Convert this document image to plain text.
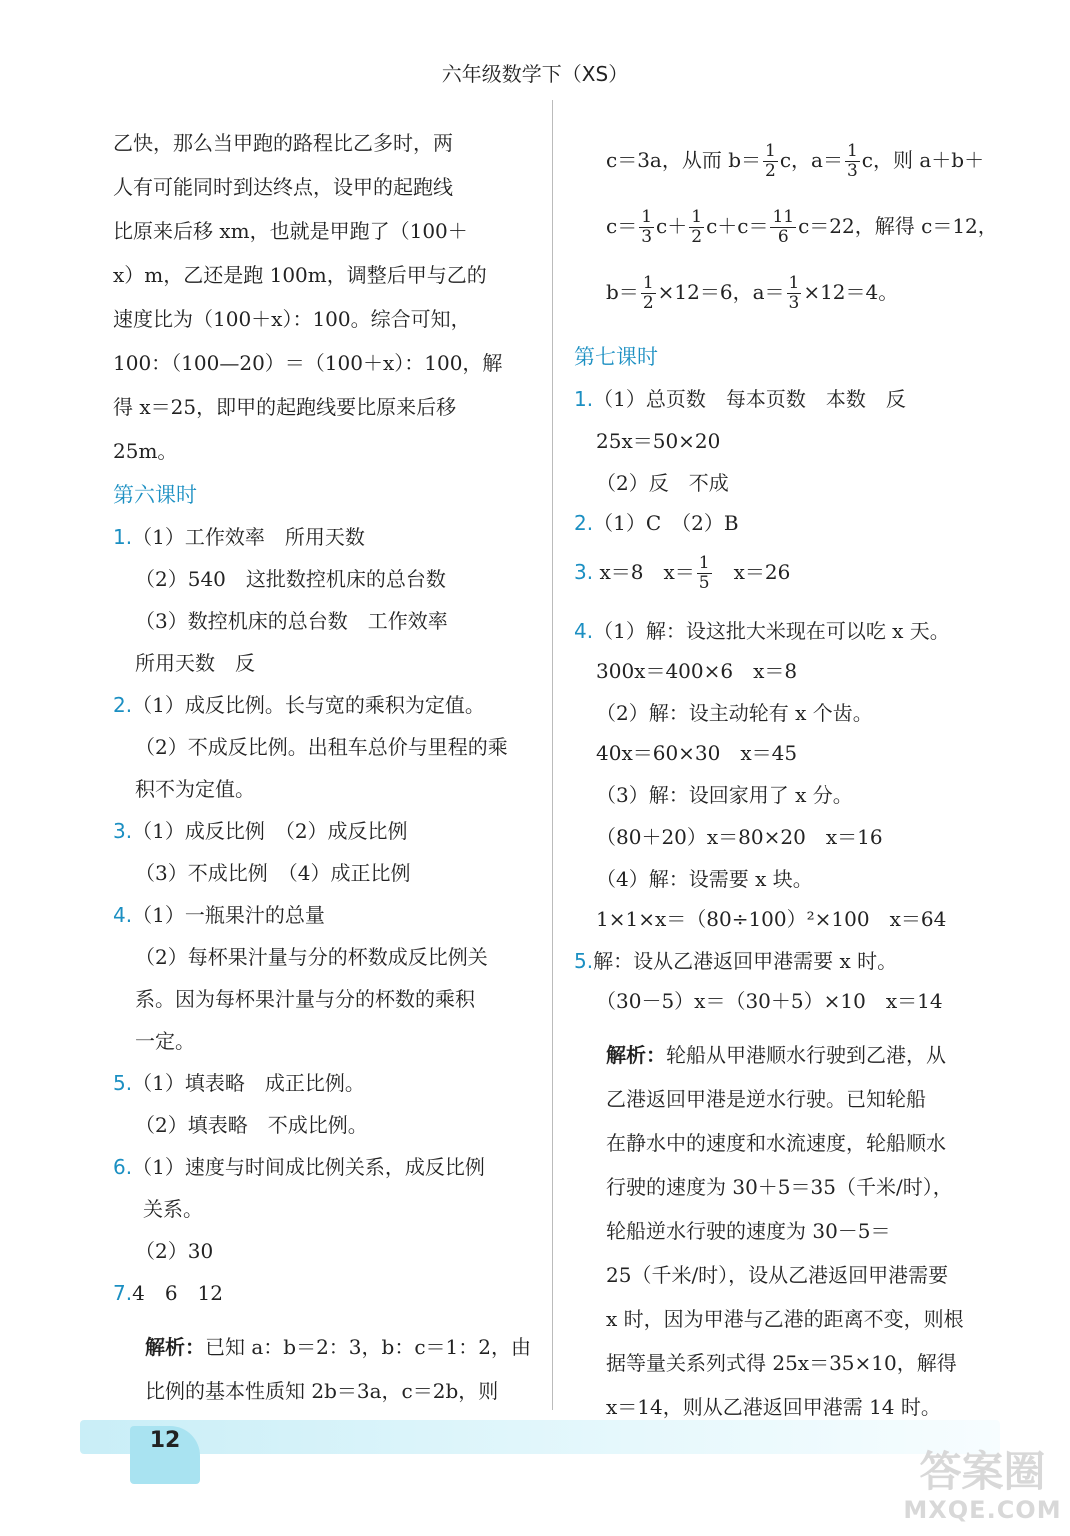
六年级数学下（XS）
乙快，那么当甲跑的路程比乙多时，两
人有可能同时到达终点，设甲的起跑线
比原来后移 xm，也就是甲跑了（100＋
x）m，乙还是跑 100m，调整后甲与乙的
速度比为（100＋x）：100。综合可知，
100：（100—20）＝（100＋x）：100，解
得 x＝25，即甲的起跑线要比原来后移
25m。
第六课时
1.（1）工作效率　所用天数
（2）540　这批数控机床的总台数
（3）数控机床的总台数　工作效率
所用天数　反
2.（1）成反比例。长与宽的乘积为定值。
（2）不成反比例。出租车总价与里程的乘
积不为定值。
3.（1）成反比例　（2）成反比例
（3）不成比例　（4）成正比例
4.（1）一瓶果汁的总量
（2）每杯果汁量与分的杯数成反比例关
系。因为每杯果汁量与分的杯数的乘积
一定。
5.（1）填表略　成正比例。
（2）填表略　不成比例。
6.（1）速度与时间成比例关系，成反比例
关系。
（2）30
7.4　6　12
解析：已知 a：b＝2：3，b：c＝1：2，由
比例的基本性质知 2b＝3a，c＝2b，则
c＝3a，从而 $b= \frac{1}{2}$ c，$a= \frac{1}{3}$ c，则 a＋b＋
$c= \frac{1}{3} c+ \frac{1}{2} c+c= \frac{11}{6} c=22$，解得 c＝12，
$b= \frac{1}{2} \times 12=6$，$a= \frac{1}{3} \times 12=4$。
第七课时
1.（1）总页数　每本页数　本数　反
25x＝50×20
（2）反　不成
2.（1）C　（2）B
4.（1）解：设这批大米现在可以吃 x 天。
300x＝400×6　x＝8
（2）解：设主动轮有 x 个齿。
40x＝60×30　x＝45
（3）解：设回家用了 x 分。
（80＋20）x＝80×20　x＝16
（4）解：设需要 x 块。
1×1×x＝（80÷100）²×100　x＝64
5.解：设从乙港返回甲港需要 x 时。
（30－5）x＝（30＋5）×10　x＝14
3. x＝8　$x= \frac{1}{5}$ 　x＝26
解析：轮船从甲港顺水行驶到乙港，从
乙港返回甲港是逆水行驶。已知轮船
在静水中的速度和水流速度，轮船顺水
行驶的速度为 30＋5＝35（千米/时），
轮船逆水行驶的速度为 30－5＝
25（千米/时），设从乙港返回甲港需要
x 时，因为甲港与乙港的距离不变，则根
据等量关系列式得 25x＝35×10，解得
x＝14，则从乙港返回甲港需 14 时。
12
答案圈
MXQE.COM
